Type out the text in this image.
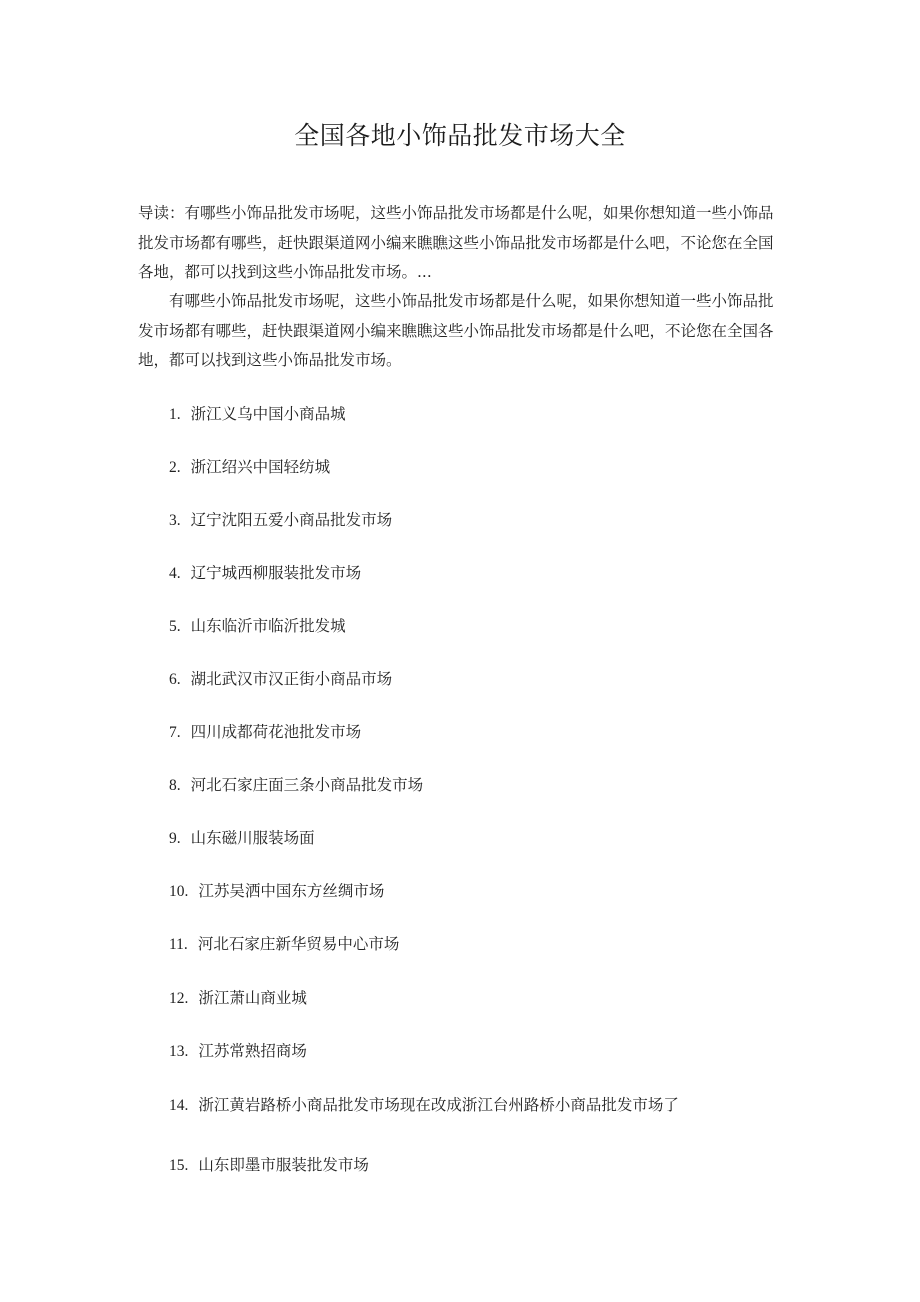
全国各地小饰品批发市场大全

导读：有哪些小饰品批发市场呢，这些小饰品批发市场都是什么呢，如果你想知道一些小饰品批发市场都有哪些，赶快跟渠道网小编来瞧瞧这些小饰品批发市场都是什么吧，不论您在全国各地，都可以找到这些小饰品批发市场。...

有哪些小饰品批发市场呢，这些小饰品批发市场都是什么呢，如果你想知道一些小饰品批发市场都有哪些，赶快跟渠道网小编来瞧瞧这些小饰品批发市场都是什么吧，不论您在全国各地，都可以找到这些小饰品批发市场。

1. 浙江义乌中国小商品城
2. 浙江绍兴中国轻纺城
3. 辽宁沈阳五爱小商品批发市场
4. 辽宁城西柳服装批发市场
5. 山东临沂市临沂批发城
6. 湖北武汉市汉正街小商品市场
7. 四川成都荷花池批发市场
8. 河北石家庄面三条小商品批发市场
9. 山东磁川服装场面
10. 江苏吴洒中国东方丝绸市场
11. 河北石家庄新华贸易中心市场
12. 浙江萧山商业城
13. 江苏常熟招商场
14. 浙江黄岩路桥小商品批发市场现在改成浙江台州路桥小商品批发市场了
15. 山东即墨市服装批发市场
